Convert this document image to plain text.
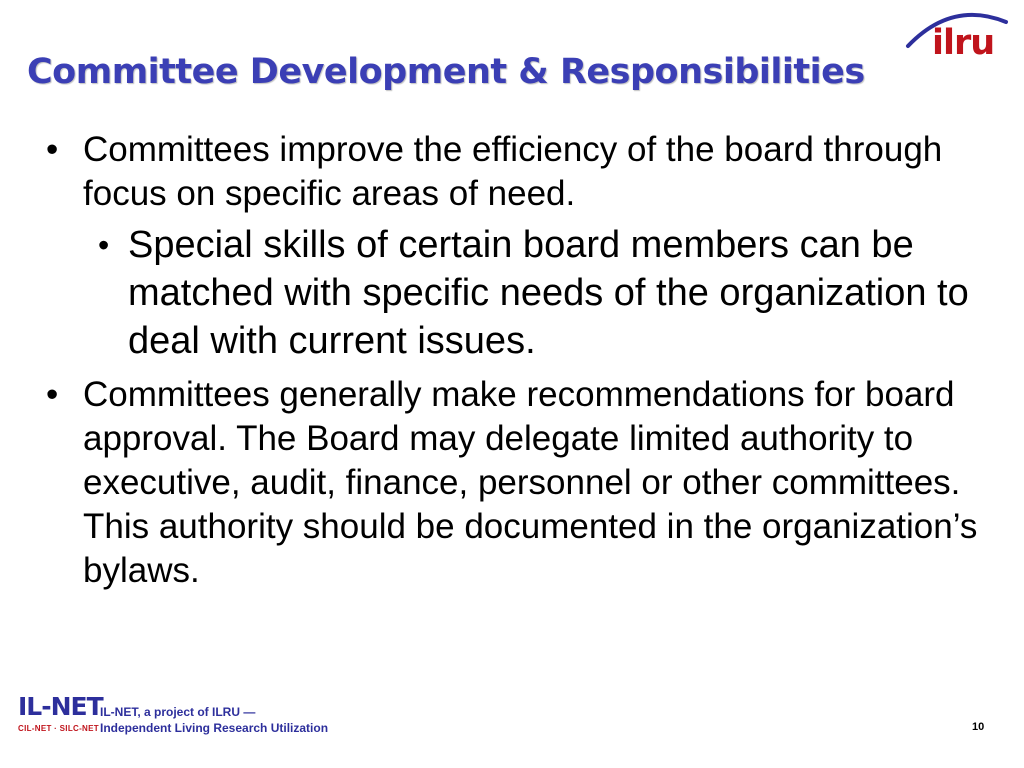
ilru
Committee Development & Responsibilities
• Committees improve the efficiency of the board through focus on specific areas of need.
• Special skills of certain board members can be matched with specific needs of the organization to deal with current issues.
• Committees generally make recommendations for board approval. The Board may delegate limited authority to executive, audit, finance, personnel or other committees. This authority should be documented in the organization’s bylaws.
IL-NET
CIL-NET · SILC-NET
IL-NET, a project of ILRU —
Independent Living Research Utilization	10
